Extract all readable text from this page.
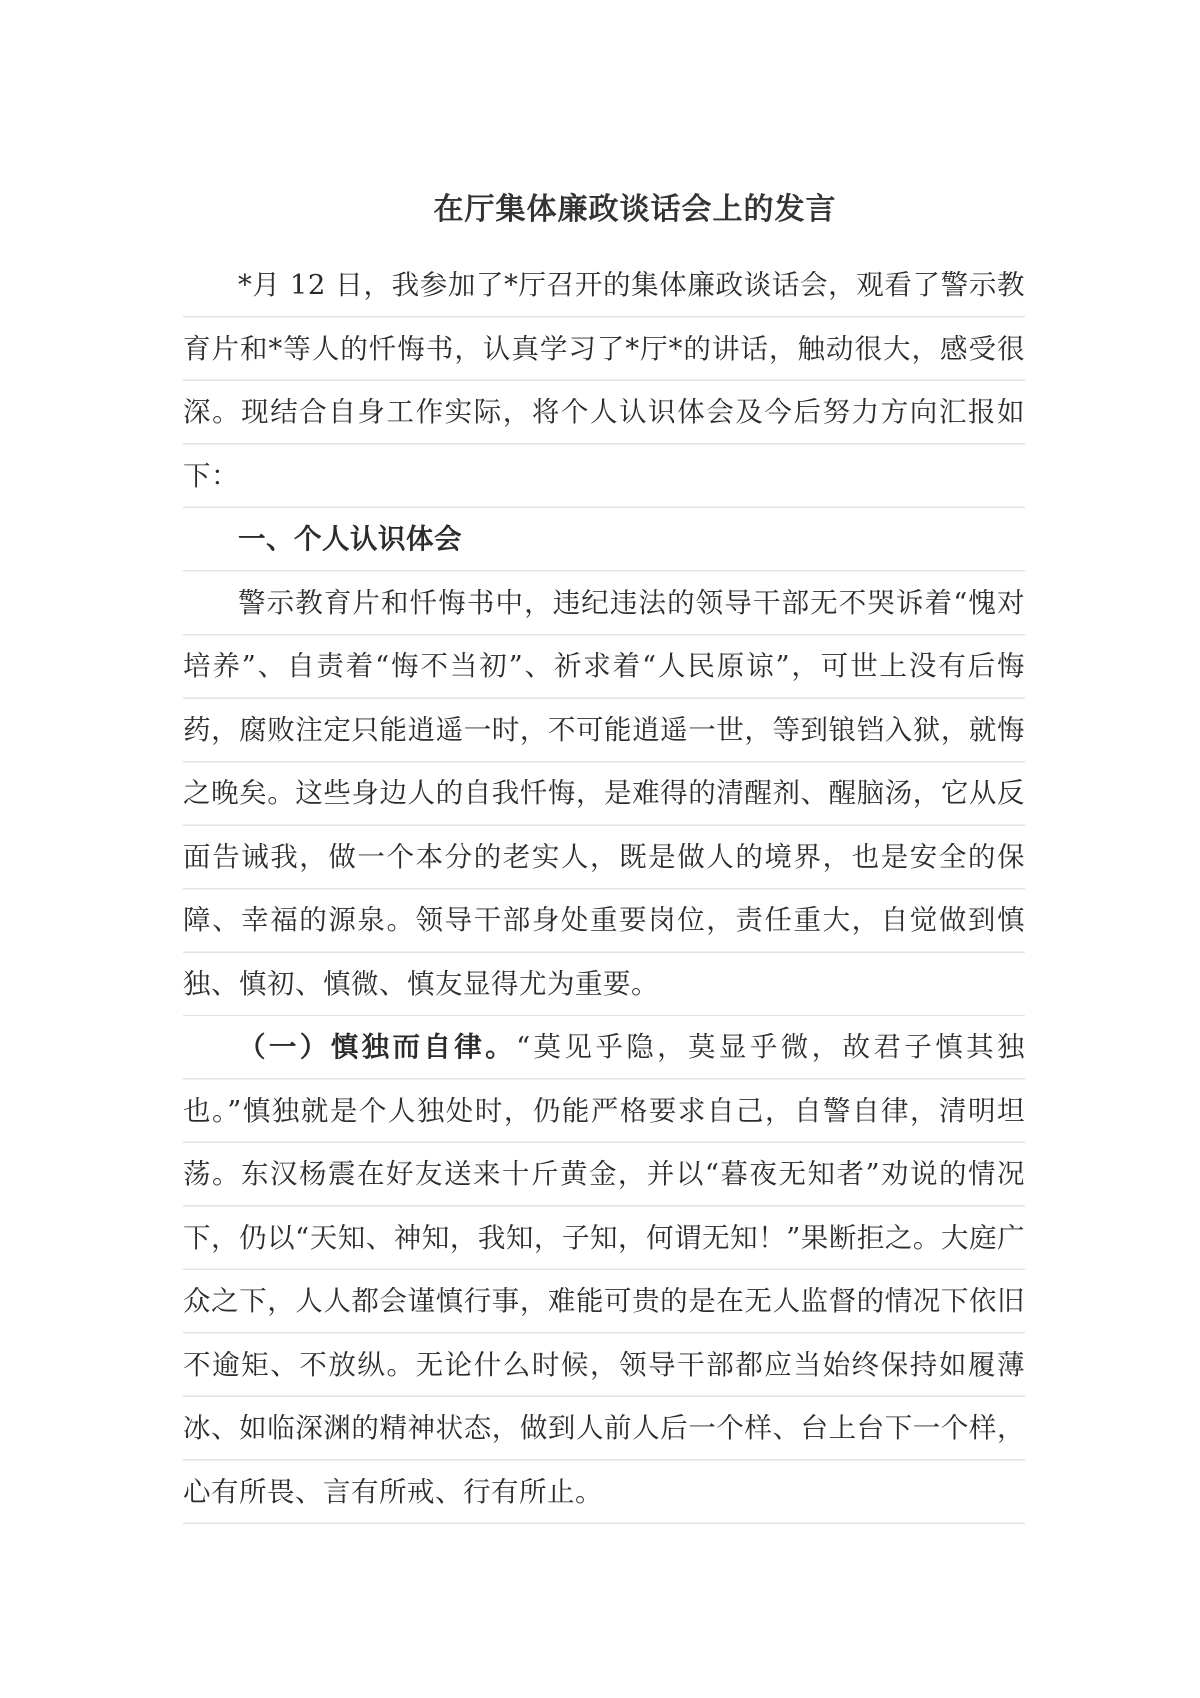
在厅集体廉政谈话会上的发言

*月 12 日，我参加了*厅召开的集体廉政谈话会，观看了警示教育片和*等人的忏悔书，认真学习了*厅*的讲话，触动很大，感受很深。现结合自身工作实际，将个人认识体会及今后努力方向汇报如下：

一、个人认识体会

警示教育片和忏悔书中，违纪违法的领导干部无不哭诉着“愧对培养”、自责着“悔不当初”、祈求着“人民原谅”，可世上没有后悔药，腐败注定只能逍遥一时，不可能逍遥一世，等到锒铛入狱，就悔之晚矣。这些身边人的自我忏悔，是难得的清醒剂、醒脑汤，它从反面告诫我，做一个本分的老实人，既是做人的境界，也是安全的保障、幸福的源泉。领导干部身处重要岗位，责任重大，自觉做到慎独、慎初、慎微、慎友显得尤为重要。

（一）慎独而自律。“莫见乎隐，莫显乎微，故君子慎其独也。”慎独就是个人独处时，仍能严格要求自己，自警自律，清明坦荡。东汉杨震在好友送来十斤黄金，并以“暮夜无知者”劝说的情况下，仍以“天知、神知，我知，子知，何谓无知！”果断拒之。大庭广众之下，人人都会谨慎行事，难能可贵的是在无人监督的情况下依旧不逾矩、不放纵。无论什么时候，领导干部都应当始终保持如履薄冰、如临深渊的精神状态，做到人前人后一个样、台上台下一个样，心有所畏、言有所戒、行有所止。
